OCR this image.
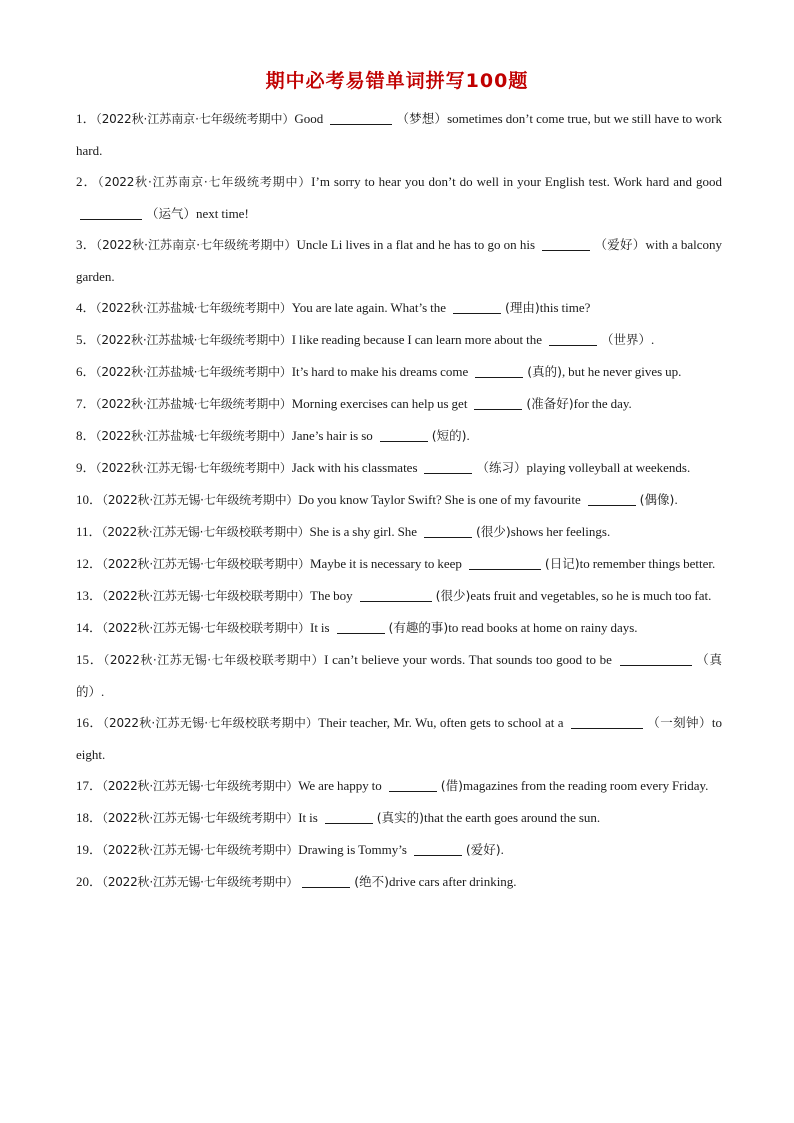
期中必考易错单词拼写100题
1．（2022秋·江苏南京·七年级统考期中）Good	（梦想）sometimes don’t come true, but we still have to work hard.
2．（2022秋·江苏南京·七年级统考期中）I’m sorry to hear you don’t do well in your English test. Work hard and good （运气）next time!
3．（2022秋·江苏南京·七年级统考期中）Uncle Li lives in a flat and he has to go on his	（爱好）with a balcony garden.
4．（2022秋·江苏盐城·七年级统考期中）You are late again. What’s the	(理由)this time?
5．（2022秋·江苏盐城·七年级统考期中）I like reading because I can learn more about the	（世界）.
6．（2022秋·江苏盐城·七年级统考期中）It’s hard to make his dreams come	(真的), but he never gives up.
7．（2022秋·江苏盐城·七年级统考期中）Morning exercises can help us get	(准备好)for the day.
8．（2022秋·江苏盐城·七年级统考期中）Jane’s hair is so	(短的).
9．（2022秋·江苏无锡·七年级统考期中）Jack with his classmates	（练习）playing volleyball at weekends.
10．（2022秋·江苏无锡·七年级统考期中）Do you know Taylor Swift? She is one of my favourite	(偶像).
11．（2022秋·江苏无锡·七年级校联考期中）She is a shy girl. She	(很少)shows her feelings.
12．（2022秋·江苏无锡·七年级校联考期中）Maybe it is necessary to keep	(日记)to remember things better.
13．（2022秋·江苏无锡·七年级校联考期中）The boy	(很少)eats fruit and vegetables, so he is much too fat.
14．（2022秋·江苏无锡·七年级校联考期中）It is	(有趣的事)to read books at home on rainy days.
15．（2022秋·江苏无锡·七年级校联考期中）I can’t believe your words. That sounds too good to be	（真的）.
16．（2022秋·江苏无锡·七年级校联考期中）Their teacher, Mr. Wu, often gets to school at a	（一刻钟）to eight.
17．（2022秋·江苏无锡·七年级统考期中）We are happy to	(借)magazines from the reading room every Friday.
18．（2022秋·江苏无锡·七年级统考期中）It is	(真实的)that the earth goes around the sun.
19．（2022秋·江苏无锡·七年级统考期中）Drawing is Tommy’s	(爱好).
20．（2022秋·江苏无锡·七年级统考期中）	(绝不)drive cars after drinking.
